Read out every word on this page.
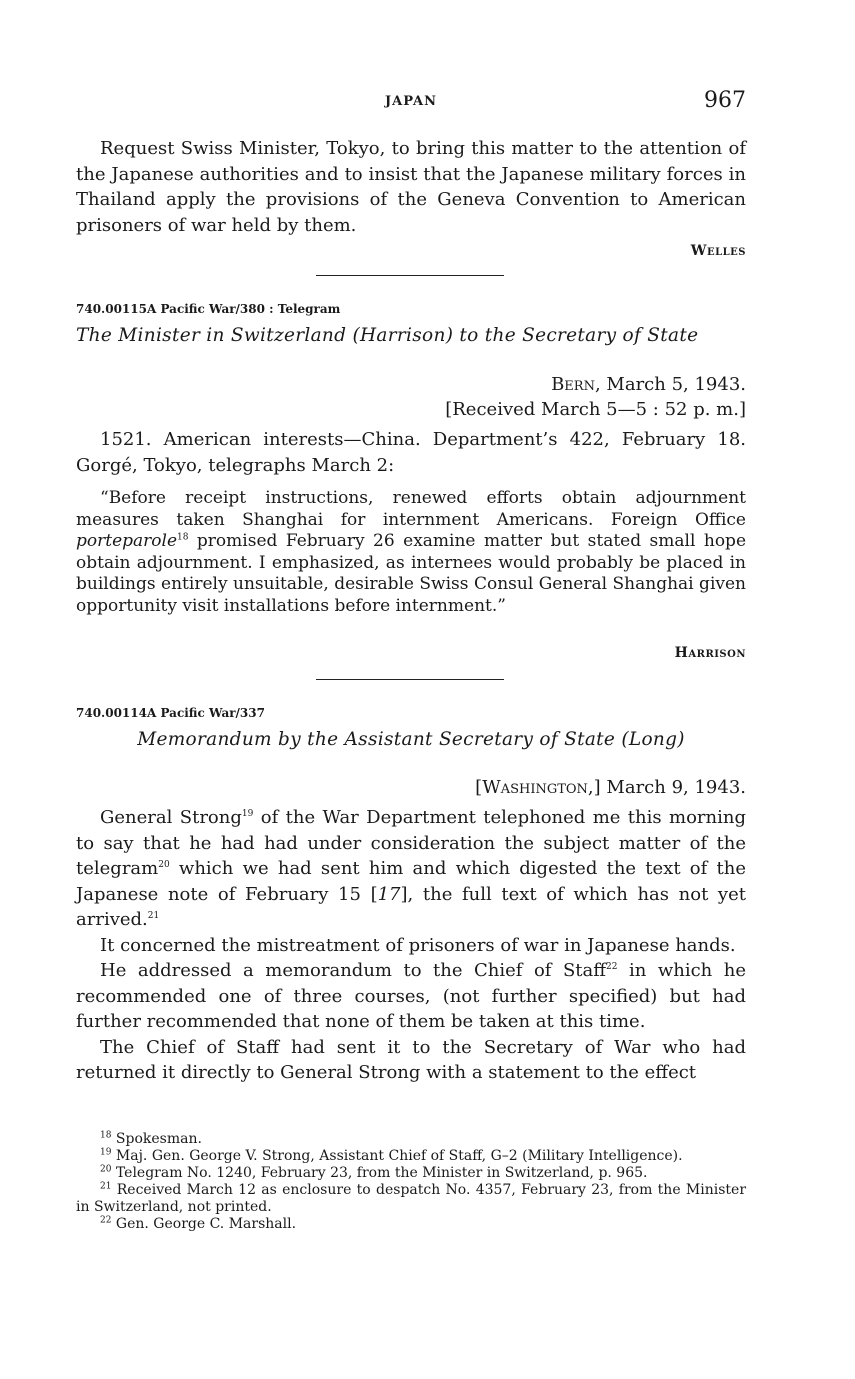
JAPAN	967

Request Swiss Minister, Tokyo, to bring this matter to the attention of the Japanese authorities and to insist that the Japanese military forces in Thailand apply the provisions of the Geneva Convention to American prisoners of war held by them.

Welles
740.00115A Pacific War/380 : Telegram
The Minister in Switzerland (Harrison) to the Secretary of State
Bern, March 5, 1943.
[Received March 5—5 : 52 p. m.]

1521. American interests—China. Department’s 422, February 18. Gorgé, Tokyo, telegraphs March 2:

“Before receipt instructions, renewed efforts obtain adjournment measures taken Shanghai for internment Americans. Foreign Office porteparole$^{18}$ promised February 26 examine matter but stated small hope obtain adjournment. I emphasized, as internees would probably be placed in buildings entirely unsuitable, desirable Swiss Consul General Shanghai given opportunity visit installations before internment.”

Harrison
740.00114A Pacific War/337
Memorandum by the Assistant Secretary of State (Long)
[Washington,] March 9, 1943.

General Strong$^{19}$ of the War Department telephoned me this morning to say that he had had under consideration the subject matter of the telegram$^{20}$ which we had sent him and which digested the text of the Japanese note of February 15 [17], the full text of which has not yet arrived.$^{21}$

It concerned the mistreatment of prisoners of war in Japanese hands.

He addressed a memorandum to the Chief of Staff$^{22}$ in which he recommended one of three courses, (not further specified) but had further recommended that none of them be taken at this time.

The Chief of Staff had sent it to the Secretary of War who had returned it directly to General Strong with a statement to the effect

$^{18}$ Spokesman.

$^{19}$ Maj. Gen. George V. Strong, Assistant Chief of Staff, G–2 (Military Intelligence).

$^{20}$ Telegram No. 1240, February 23, from the Minister in Switzerland, p. 965.

$^{21}$ Received March 12 as enclosure to despatch No. 4357, February 23, from the Minister in Switzerland, not printed.

$^{22}$ Gen. George C. Marshall.
